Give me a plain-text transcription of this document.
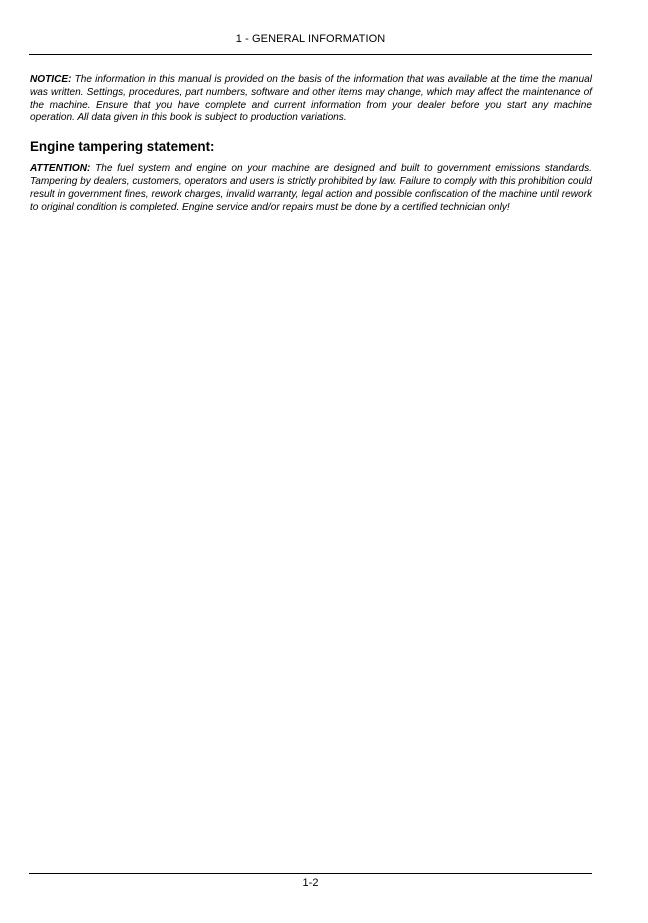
1 - GENERAL INFORMATION

NOTICE: The information in this manual is provided on the basis of the information that was available at the time the manual was written. Settings, procedures, part numbers, software and other items may change, which may affect the maintenance of the machine. Ensure that you have complete and current information from your dealer before you start any machine operation. All data given in this book is subject to production variations.

Engine tampering statement:

ATTENTION: The fuel system and engine on your machine are designed and built to government emissions standards. Tampering by dealers, customers, operators and users is strictly prohibited by law. Failure to comply with this prohibition could result in government fines, rework charges, invalid warranty, legal action and possible confiscation of the machine until rework to original condition is completed. Engine service and/or repairs must be done by a certified technician only!

1-2
